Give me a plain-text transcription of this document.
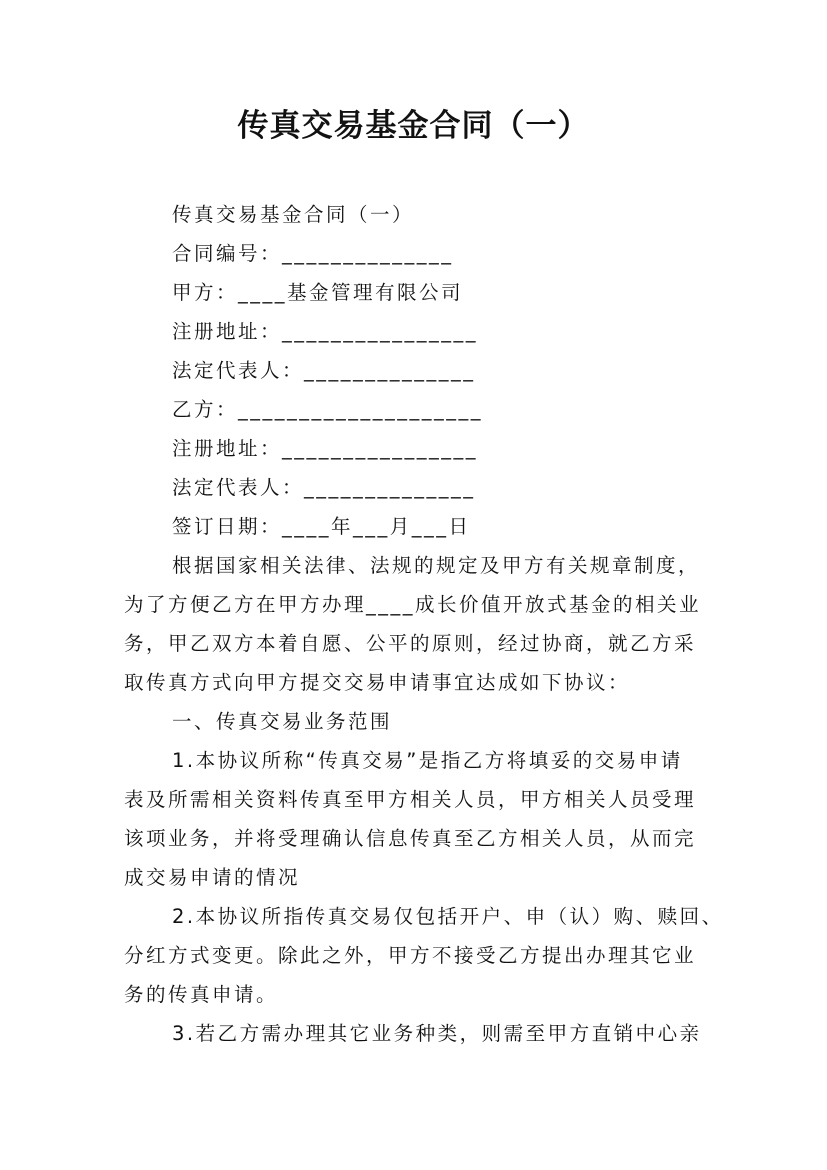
传真交易基金合同（一）
传真交易基金合同（一）
合同编号：______________
甲方：____基金管理有限公司
注册地址：________________
法定代表人：______________
乙方：____________________
注册地址：________________
法定代表人：______________
签订日期：____年___月___日
根据国家相关法律、法规的规定及甲方有关规章制度，
为了方便乙方在甲方办理____成长价值开放式基金的相关业
务，甲乙双方本着自愿、公平的原则，经过协商，就乙方采
取传真方式向甲方提交交易申请事宜达成如下协议：
一、传真交易业务范围
1.本协议所称“传真交易”是指乙方将填妥的交易申请
表及所需相关资料传真至甲方相关人员，甲方相关人员受理
该项业务，并将受理确认信息传真至乙方相关人员，从而完
成交易申请的情况
2.本协议所指传真交易仅包括开户、申（认）购、赎回、
分红方式变更。除此之外，甲方不接受乙方提出办理其它业
务的传真申请。
3.若乙方需办理其它业务种类，则需至甲方直销中心亲
